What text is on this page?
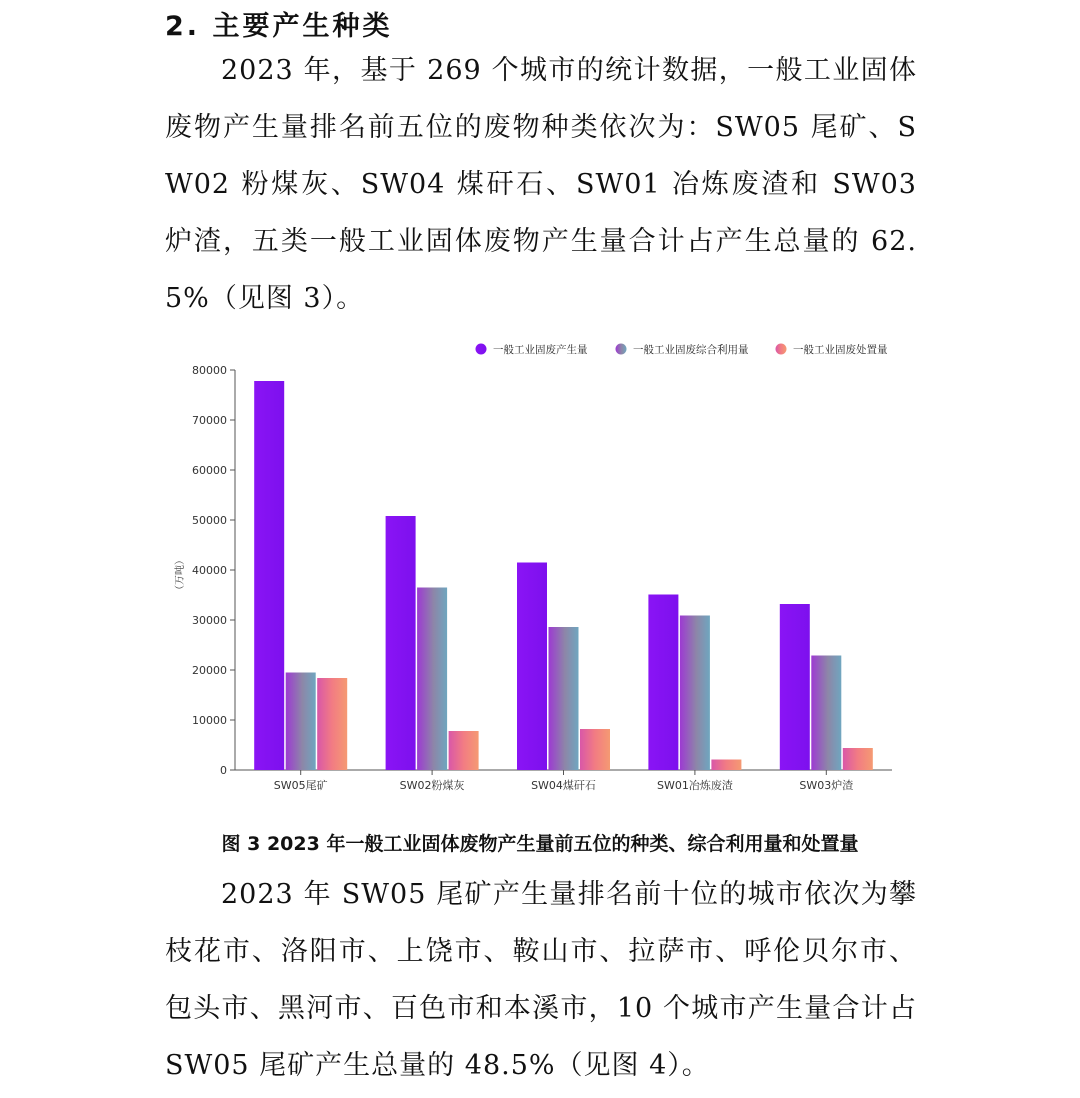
2. 主要产生种类
2023 年，基于 269 个城市的统计数据，一般工业固体废物产生量排名前五位的废物种类依次为：SW05 尾矿、SW02 粉煤灰、SW04 煤矸石、SW01 冶炼废渣和 SW03 炉渣，五类一般工业固体废物产生量合计占产生总量的 62.5%（见图 3）。
一般工业固废产生量	一般工业固废综合利用量	一般工业固废处置量
0
10000
20000
30000
40000
50000
60000
70000
80000
（万吨）
SW05尾矿	SW02粉煤灰	SW04煤矸石	SW01冶炼废渣	SW03炉渣
图 3 2023 年一般工业固体废物产生量前五位的种类、综合利用量和处置量
2023 年 SW05 尾矿产生量排名前十位的城市依次为攀枝花市、洛阳市、上饶市、鞍山市、拉萨市、呼伦贝尔市、包头市、黑河市、百色市和本溪市，10 个城市产生量合计占 SW05 尾矿产生总量的 48.5%（见图 4）。
